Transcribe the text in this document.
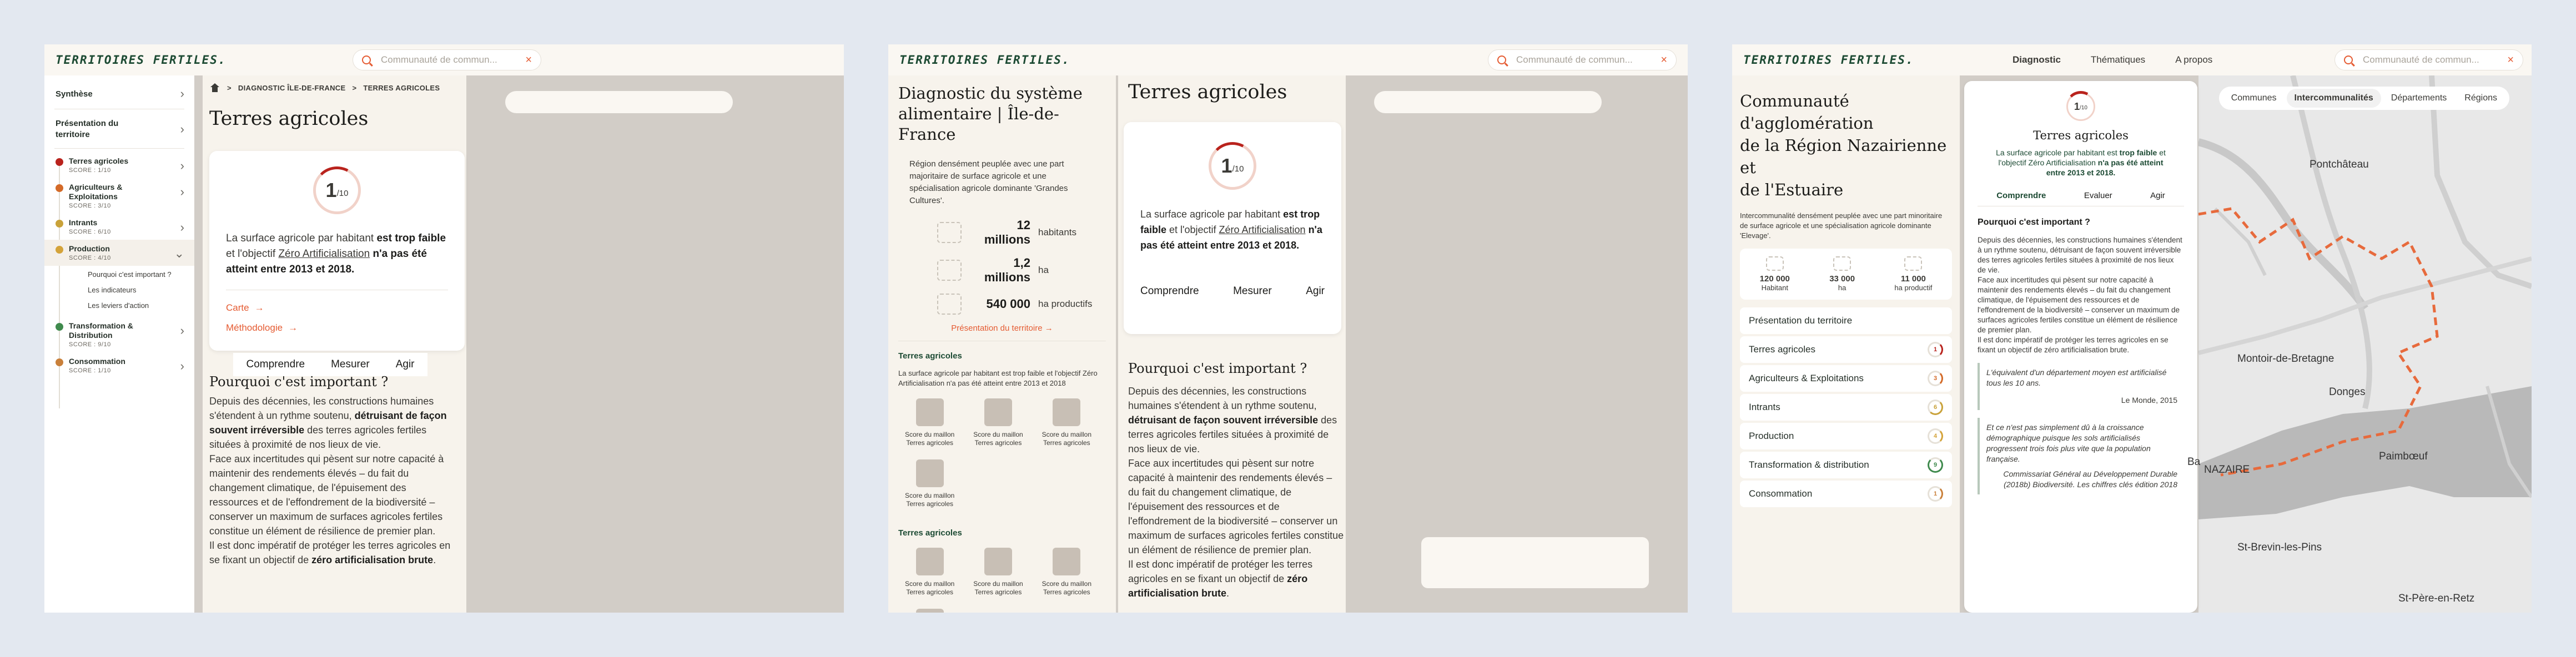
TERRITOIRES FERTILES.	Communauté de commun...	×
Synthèse	›
Présentation du territoire	›
Terres agricoles
SCORE : 1/10	›
Agriculteurs & Exploitations
SCORE : 3/10
›
Intrants
SCORE : 6/10	›
Production
SCORE : 4/10	⌄
Pourquoi c'est important ?
Les indicateurs
Les leviers d'action
Transformation & Distribution
SCORE : 9/10
›
Consommation
SCORE : 1/10	›
> DIAGNOSTIC ÎLE-DE-FRANCE > TERRES AGRICOLES
Terres agricoles
1 /10

La surface agricole par habitant est trop faible et l'objectif Zéro Artificialisation n'a pas été atteint entre 2013 et 2018.

Carte →
Méthodologie →
Comprendre Mesurer Agir
Pourquoi c'est important ?

Depuis des décennies, les constructions humaines s'étendent à un rythme soutenu, détruisant de façon souvent irréversible des terres agricoles fertiles situées à proximité de nos lieux de vie.

Face aux incertitudes qui pèsent sur notre capacité à maintenir des rendements élevés – du fait du changement climatique, de l'épuisement des ressources et de l'effondrement de la biodiversité – conserver un maximum de surfaces agricoles fertiles constitue un élément de résilience de premier plan.

Il est donc impératif de protéger les terres agricoles en se fixant un objectif de zéro artificialisation brute.

TERRITOIRES FERTILES.	Communauté de commun...	×
Diagnostic du système alimentaire | Île-de-France

Région densément peuplée avec une part majoritaire de surface agricole et une spécialisation agricole dominante 'Grandes Cultures'.

12 millions
habitants
1,2 millions
ha
540 000 ha productifs
Présentation du territoire →
Terres agricoles

La surface agricole par habitant est trop faible et l'objectif Zéro Artificialisation n'a pas été atteint entre 2013 et 2018

Score du maillon
Terres agricoles
Score du maillon
Terres agricoles
Score du maillon
Terres agricoles
Score du maillon
Terres agricoles
Terres agricoles
Score du maillon
Terres agricoles
Score du maillon
Terres agricoles
Score du maillon
Terres agricoles
Terres agricoles
1 /10

La surface agricole par habitant est trop faible et l'objectif Zéro Artificialisation n'a pas été atteint entre 2013 et 2018.

Comprendre	Mesurer	Agir
Pourquoi c'est important ?

Depuis des décennies, les constructions humaines s'étendent à un rythme soutenu, détruisant de façon souvent irréversible des terres agricoles fertiles situées à proximité de nos lieux de vie.

Face aux incertitudes qui pèsent sur notre capacité à maintenir des rendements élevés – du fait du changement climatique, de l'épuisement des ressources et de l'effondrement de la biodiversité – conserver un maximum de surfaces agricoles fertiles constitue un élément de résilience de premier plan.

Il est donc impératif de protéger les terres agricoles en se fixant un objectif de zéro artificialisation brute.

TERRITOIRES FERTILES.	Diagnostic	Thématiques	A propos	Communauté de commun...	×
Communes	Intercommunalités	Départements	Régions
Pontchâteau
Montoir-de-Bretagne
Donges
Paimbœuf
NAZAIRE
St-Brevin-les-Pins
St-Père-en-Retz
Ba
Communauté
d'agglomération
de la Région Nazairienne et
de l'Estuaire

Intercommunalité densément peuplée avec une part minoritaire de surface agricole et une spécialisation agricole dominante 'Elevage'.

120 000
Habitant
33 000
ha
11 000
ha productif
Présentation du territoire
Terres agricoles	1
Agriculteurs & Exploitations	3
Intrants	6
Production	4
Transformation & distribution	9
Consommation	1
1 /10
Terres agricoles

La surface agricole par habitant est trop faible et l'objectif Zéro Artificialisation n'a pas été atteint entre 2013 et 2018.

Comprendre	Evaluer	Agir
Pourquoi c'est important ?

Depuis des décennies, les constructions humaines s'étendent à un rythme soutenu, détruisant de façon souvent irréversible des terres agricoles fertiles situées à proximité de nos lieux de vie.

Face aux incertitudes qui pèsent sur notre capacité à maintenir des rendements élevés – du fait du changement climatique, de l'épuisement des ressources et de l'effondrement de la biodiversité – conserver un maximum de surfaces agricoles fertiles constitue un élément de résilience de premier plan.

Il est donc impératif de protéger les terres agricoles en se fixant un objectif de zéro artificialisation brute.

L'équivalent d'un département moyen est artificialisé tous les 10 ans.
Le Monde, 2015
Et ce n'est pas simplement dû à la croissance démographique puisque les sols artificialisés progressent trois fois plus vite que la population française.
Commissariat Général au Développement Durable (2018b) Biodiversité. Les chiffres clés édition 2018
